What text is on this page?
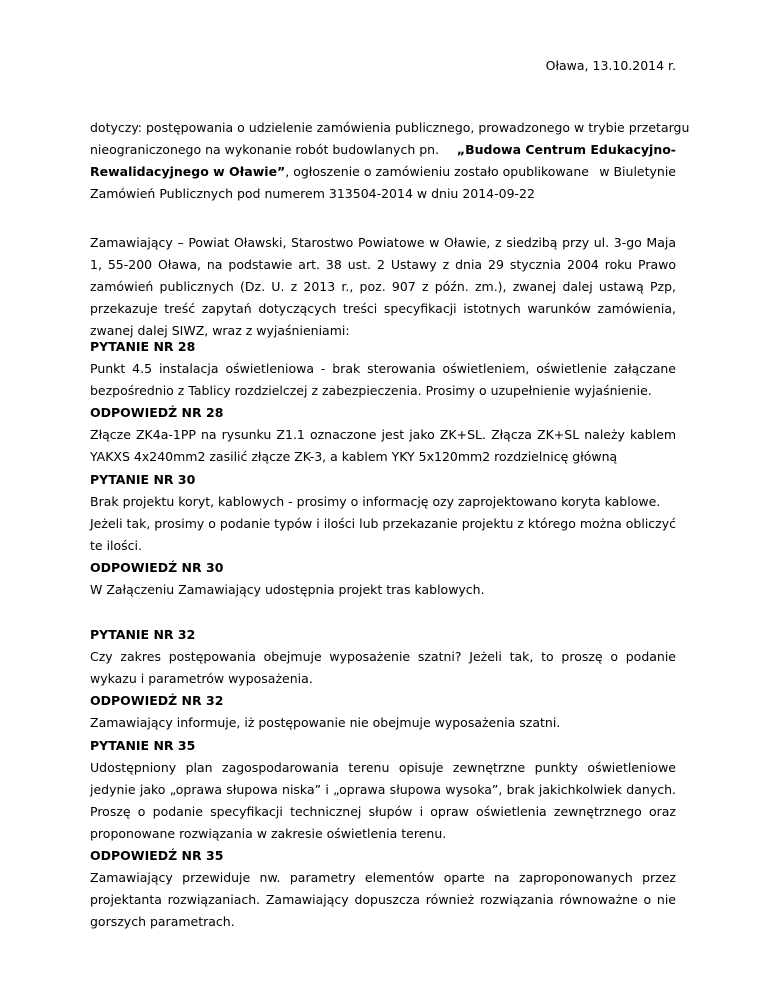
Oława, 13.10.2014 r.
dotyczy: postępowania o udzielenie zamówienia publicznego, prowadzonego w trybie przetargu
nieograniczonego na wykonanie robót budowlanych pn. „Budowa Centrum Edukacyjno-
Rewalidacyjnego w Oławie”, ogłoszenie o zamówieniu zostało opublikowane w Biuletynie
Zamówień Publicznych pod numerem 313504-2014 w dniu 2014-09-22

Zamawiający – Powiat Oławski, Starostwo Powiatowe w Oławie, z siedzibą przy ul. 3-go Maja 1, 55-200 Oława, na podstawie art. 38 ust. 2 Ustawy z dnia 29 stycznia 2004 roku Prawo zamówień publicznych (Dz. U. z 2013 r., poz. 907 z późn. zm.), zwanej dalej ustawą Pzp, przekazuje treść zapytań dotyczących treści specyfikacji istotnych warunków zamówienia, zwanej dalej SIWZ, wraz z wyjaśnieniami:

PYTANIE NR 28

Punkt 4.5 instalacja oświetleniowa - brak sterowania oświetleniem, oświetlenie załączane bezpośrednio z Tablicy rozdzielczej z zabezpieczenia. Prosimy o uzupełnienie wyjaśnienie.

ODPOWIEDŹ NR 28

Złącze ZK4a-1PP na rysunku Z1.1 oznaczone jest jako ZK+SL. Złącza ZK+SL należy kablem YAKXS 4x240mm2 zasilić złącze ZK-3, a kablem YKY 5x120mm2 rozdzielnicę główną

PYTANIE NR 30

Brak projektu koryt, kablowych - prosimy o informację ozy zaprojektowano koryta kablowe.

Jeżeli tak, prosimy o podanie typów i ilości lub przekazanie projektu z którego można obliczyć te ilości.

ODPOWIEDŹ NR 30

W Załączeniu Zamawiający udostępnia projekt tras kablowych.

PYTANIE NR 32

Czy zakres postępowania obejmuje wyposażenie szatni? Jeżeli tak, to proszę o podanie wykazu i parametrów wyposażenia.

ODPOWIEDŹ NR 32

Zamawiający informuje, iż postępowanie nie obejmuje wyposażenia szatni.

PYTANIE NR 35

Udostępniony plan zagospodarowania terenu opisuje zewnętrzne punkty oświetleniowe jedynie jako „oprawa słupowa niska” i „oprawa słupowa wysoka”, brak jakichkolwiek danych. Proszę o podanie specyfikacji technicznej słupów i opraw oświetlenia zewnętrznego oraz proponowane rozwiązania w zakresie oświetlenia terenu.

ODPOWIEDŹ NR 35

Zamawiający przewiduje nw. parametry elementów oparte na zaproponowanych przez projektanta rozwiązaniach. Zamawiający dopuszcza również rozwiązania równoważne o nie gorszych parametrach.
